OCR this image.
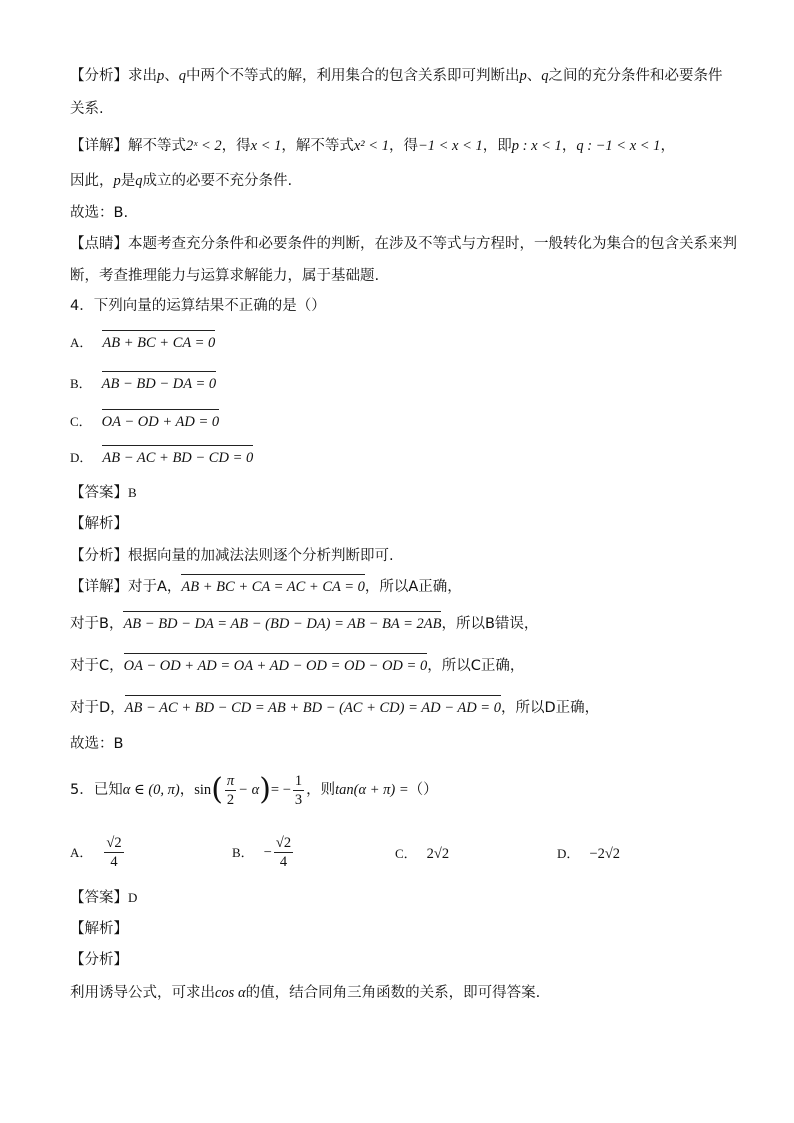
【分析】求出p、q中两个不等式的解，利用集合的包含关系即可判断出p、q之间的充分条件和必要条件
关系.
【详解】解不等式2ˣ < 2，得x < 1，解不等式x² < 1，得−1 < x < 1，即p : x < 1，q : −1 < x < 1，
因此，p是q成立的必要不充分条件.
故选：B.
【点睛】本题考查充分条件和必要条件的判断，在涉及不等式与方程时，一般转化为集合的包含关系来判
断，考查推理能力与运算求解能力，属于基础题.
4．下列向量的运算结果不正确的是（）
A． AB + BC + CA = 0
B． AB − BD − DA = 0
C． OA − OD + AD = 0
D． AB − AC + BD − CD = 0
【答案】B
【解析】
【分析】根据向量的加减法法则逐个分析判断即可.
【详解】对于A，AB + BC + CA = AC + CA = 0，所以A正确，
对于B，AB − BD − DA = AB − (BD − DA) = AB − BA = 2AB，所以B错误，
对于C，OA − OD + AD = OA + AD − OD = OD − OD = 0，所以C正确，
对于D，AB − AC + BD − CD = AB + BD − (AC + CD) = AD − AD = 0，所以D正确，
故选：B
5．已知α ∈ (0, π)，$\sin( \frac{\pi}{2} - \alpha)= - \frac{1}{3}$ ，则tan(α + π) =（）
A． $\frac{√2}{4}$	B． − $\frac{√2}{4}$	C． 2√2	D． −2√2
【答案】D
【解析】
【分析】
利用诱导公式，可求出cos α的值，结合同角三角函数的关系，即可得答案.
